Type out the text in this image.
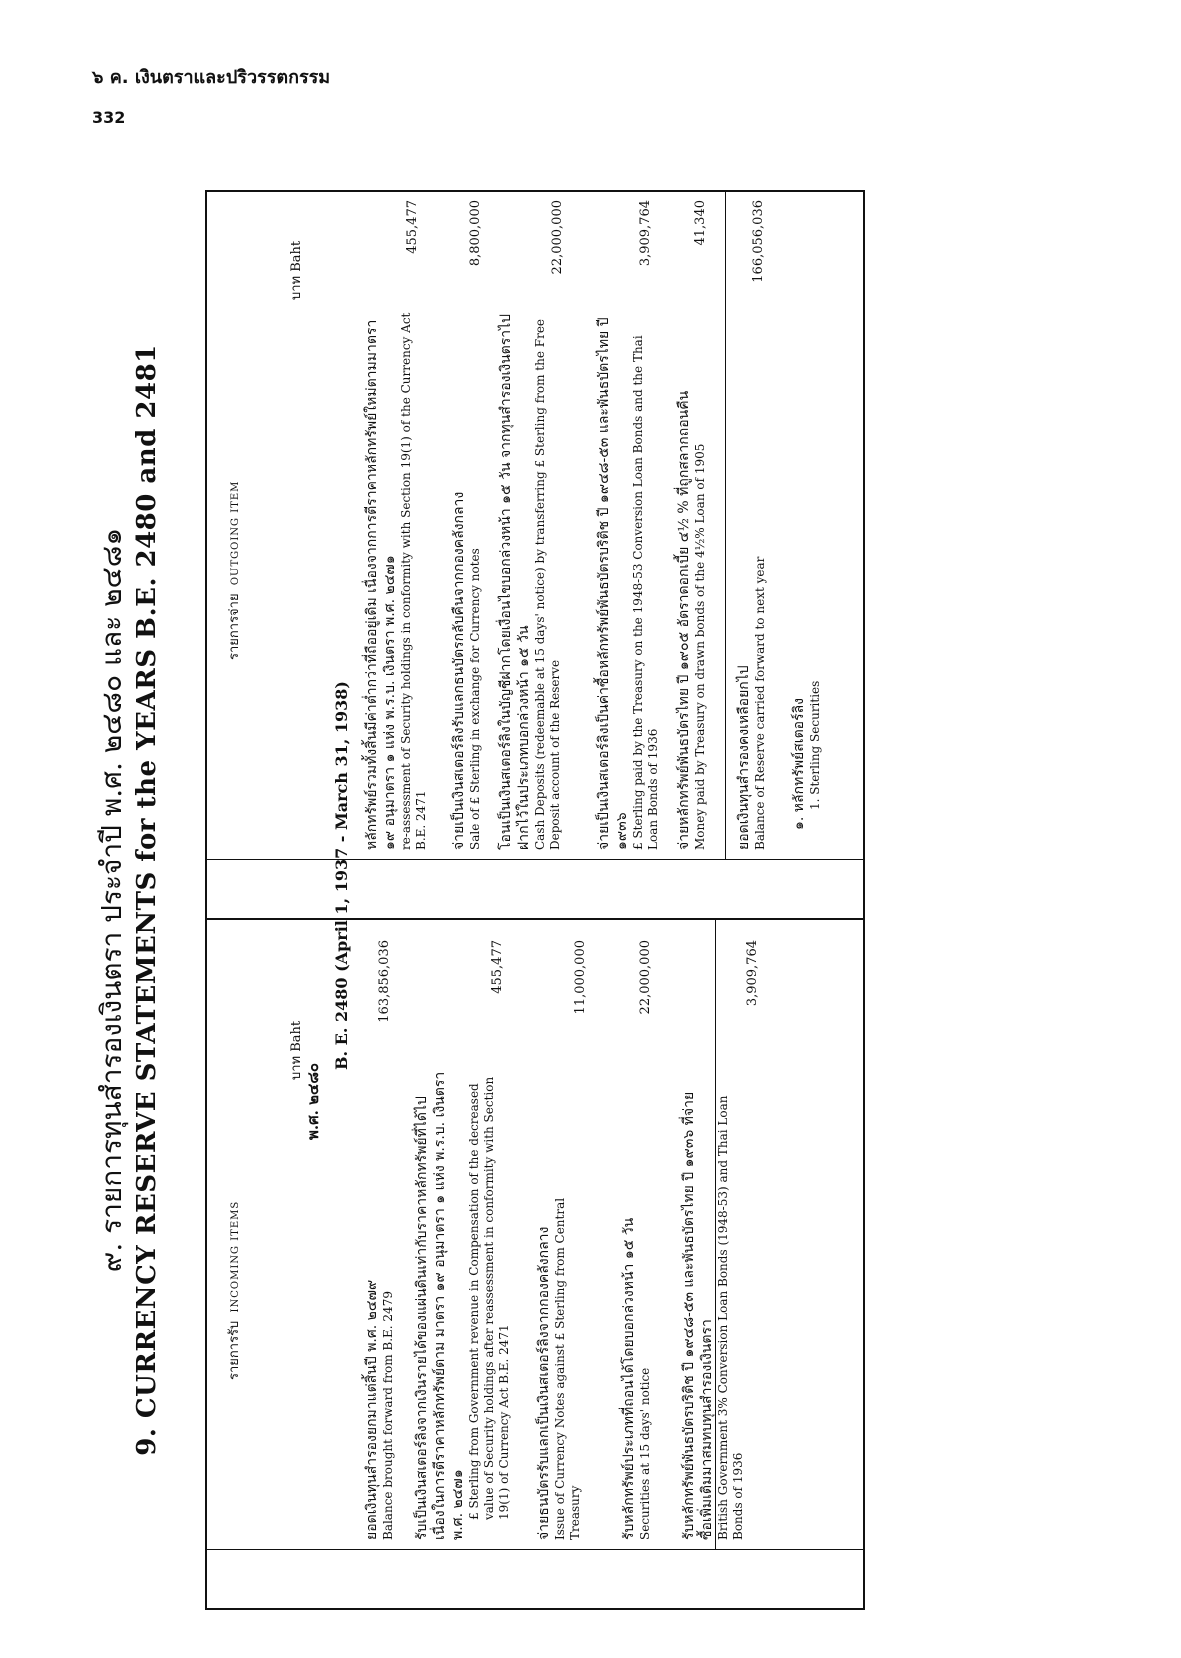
๖ ค. เงินตราและปริวรรตกรรม
332
๙. รายการทุนสำรองเงินตรา ประจำปี พ.ศ. ๒๔๘๐ และ ๒๔๘๑ 9. CURRENCY RESERVE STATEMENTS for the YEARS B.E. 2480 and 2481	รายการรับ  INCOMING ITEMS
บาท Baht
รายการจ่าย  OUTGOING ITEM
บาท Baht
พ.ศ. ๒๔๘๐
B. E. 2480 (April 1, 1937 - March 31, 1938)
ยอดเงินทุนสำรองยกมาแต่สิ้นปี พ.ศ. ๒๔๗๙ Balance brought forward from B.E. 2479
163,856,036
รับเป็นเงินสเตอร์ลิงจากเงินรายได้ของแผ่นดินเท่ากับราคาหลักทรัพย์ที่ได้ไปเนื่องในการตีราคาหลักทรัพย์ตาม มาตรา ๑๙ อนุมาตรา ๑ แห่ง พ.ร.บ. เงินตรา พ.ศ. ๒๔๗๑ £ Sterling from Government revenue in Compensation of the decreased value of Security holdings after reassessment in conformity with Section 19(1) of Currency Act B.E. 2471
455,477
จ่ายธนบัตรรับแลกเป็นเงินสเตอร์ลิงจากกองคลังกลาง Issue of Currency Notes against £ Sterling from Central Treasury
11,000,000
รับหลักทรัพย์ประเภทที่ถอนได้โดยบอกล่วงหน้า ๑๕ วัน Securities at 15 days' notice
22,000,000
รับหลักทรัพย์พันธบัตรบริติช ปี ๑๙๔๘-๕๓ และพันธบัตรไทย ปี ๑๙๓๖ ที่จ่ายซื้อเพิ่มเติมมาสมทบทุนสำรองเงินตรา British Government 3% Conversion Loan Bonds (1948-53) and Thai Loan Bonds of 1936
3,909,764
หลักทรัพย์รวมทั้งสิ้นมีค่าต่ำกว่าที่ถืออยู่เดิม เนื่องจากการตีราคาหลักทรัพย์ใหม่ตามมาตรา ๑๙ อนุมาตรา ๑ แห่ง พ.ร.บ. เงินตรา พ.ศ. ๒๔๗๑ re-assessment of Security holdings in conformity with Section 19(1) of the Currency Act B.E. 2471
455,477
จ่ายเป็นเงินสเตอร์ลิงรับแลกธนบัตรกลับคืนจากกองคลังกลาง Sale of £ Sterling in exchange for Currency notes
8,800,000
โอนเป็นเงินสเตอร์ลิงในบัญชีฝากโดยเงื่อนไขบอกล่วงหน้า ๑๕ วัน จากทุนสำรองเงินตราไปฝากไว้ในประเภทบอกล่วงหน้า ๑๕ วัน Cash Deposits (redeemable at 15 days' notice) by transferring £ Sterling from the Free Deposit account of the Reserve
22,000,000
จ่ายเป็นเงินสเตอร์ลิงเป็นค่าซื้อหลักทรัพย์พันธบัตรบริติช ปี ๑๙๔๘-๕๓ และพันธบัตรไทย ปี ๑๙๓๖ £ Sterling paid by the Treasury on the 1948-53 Conversion Loan Bonds and the Thai Loan Bonds of 1936
3,909,764
จ่ายหลักทรัพย์พันธบัตรไทย ปี ๑๙๐๕ อัตราดอกเบี้ย ๔½ % ที่ถูกสลากถอนคืน Money paid by Treasury on drawn bonds of the 4½% Loan of 1905
41,340
ยอดเงินทุนสำรองคงเหลือยกไป Balance of Reserve carried forward to next year
166,056,036
๑. หลักทรัพย์สเตอร์ลิง 1. Sterling Securities
